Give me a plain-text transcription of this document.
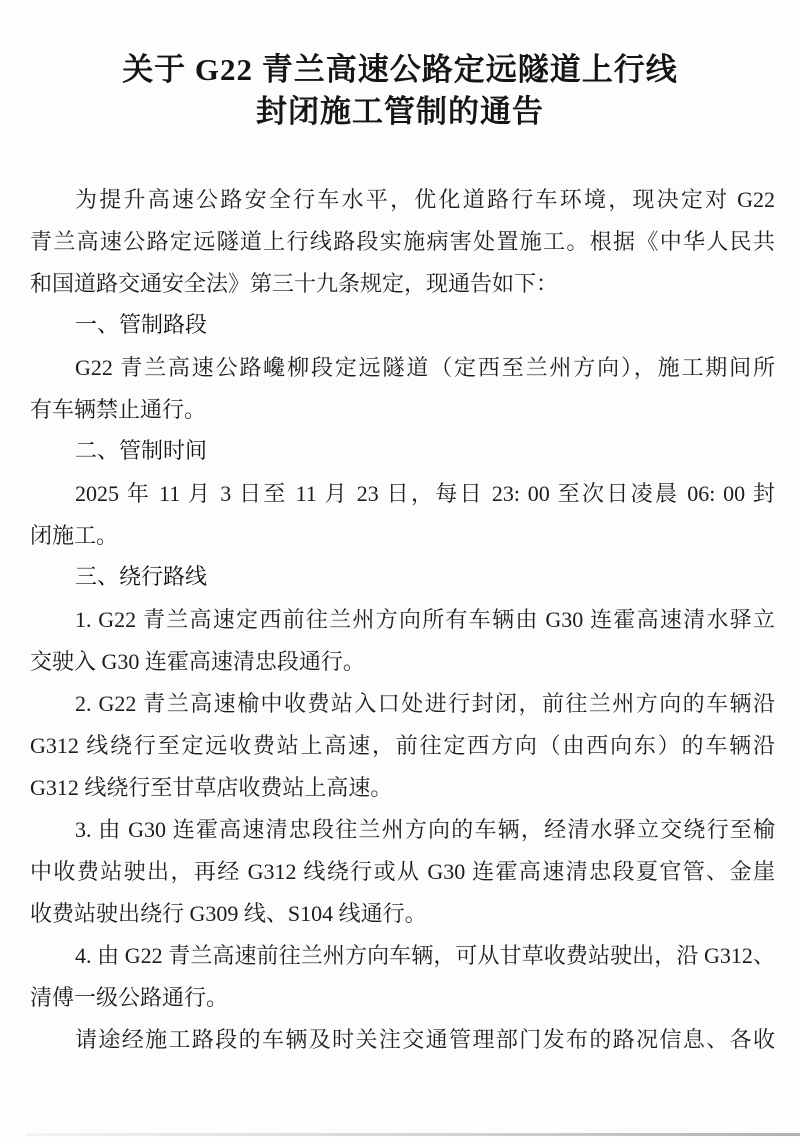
关于 G22 青兰高速公路定远隧道上行线
封闭施工管制的通告
为提升高速公路安全行车水平，优化道路行车环境，现决定对 G22
青兰高速公路定远隧道上行线路段实施病害处置施工。根据《中华人民共
和国道路交通安全法》第三十九条规定，现通告如下：
一、管制路段
G22 青兰高速公路巉柳段定远隧道（定西至兰州方向），施工期间所
有车辆禁止通行。
二、管制时间
2025 年 11 月 3 日至 11 月 23 日，每日 23: 00 至次日凌晨 06: 00 封
闭施工。
三、绕行路线
1. G22 青兰高速定西前往兰州方向所有车辆由 G30 连霍高速清水驿立
交驶入 G30 连霍高速清忠段通行。
2. G22 青兰高速榆中收费站入口处进行封闭，前往兰州方向的车辆沿
G312 线绕行至定远收费站上高速，前往定西方向（由西向东）的车辆沿
G312 线绕行至甘草店收费站上高速。
3. 由 G30 连霍高速清忠段往兰州方向的车辆，经清水驿立交绕行至榆
中收费站驶出，再经 G312 线绕行或从 G30 连霍高速清忠段夏官管、金崖
收费站驶出绕行 G309 线、S104 线通行。
4. 由 G22 青兰高速前往兰州方向车辆，可从甘草收费站驶出，沿 G312、
清傅一级公路通行。
请途经施工路段的车辆及时关注交通管理部门发布的路况信息、各收
